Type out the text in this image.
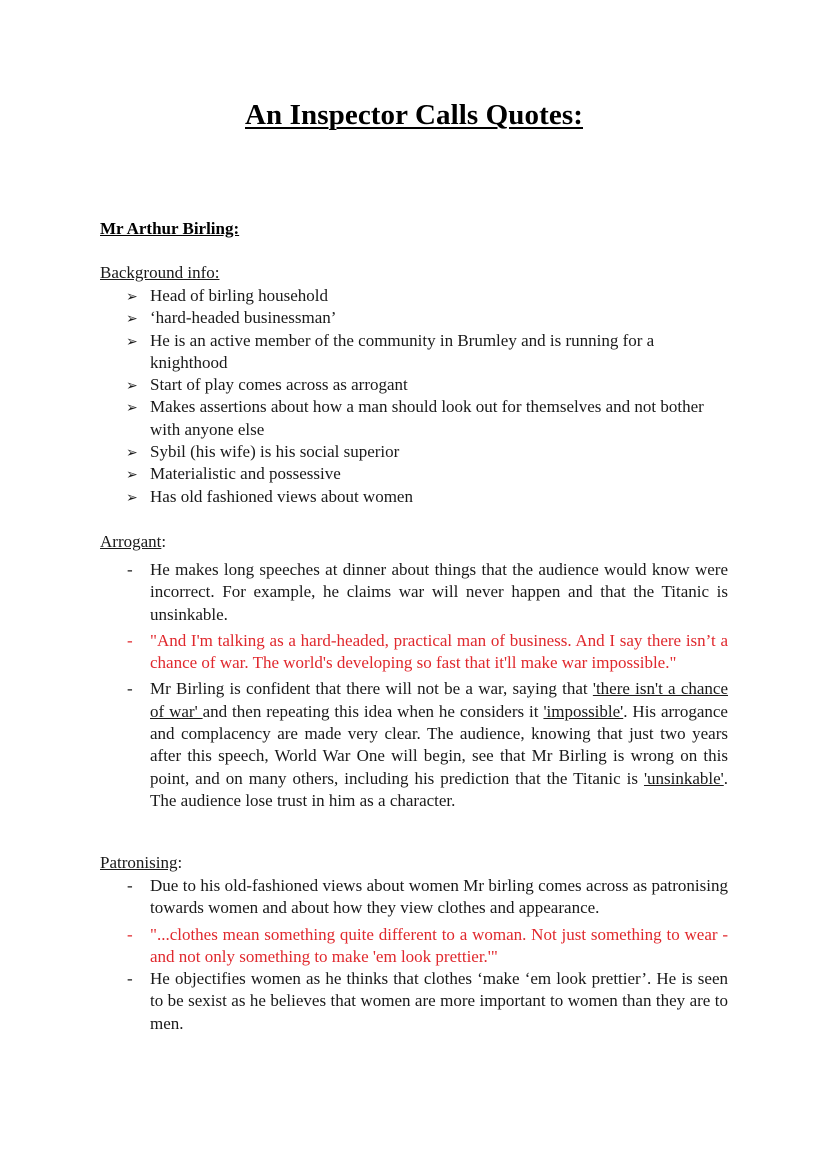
An Inspector Calls Quotes:
Mr Arthur Birling:
Background info:
➢ Head of birling household
➢ ‘hard-headed businessman’
➢ He is an active member of the community in Brumley and is running for a knighthood
➢ Start of play comes across as arrogant
➢ Makes assertions about how a man should look out for themselves and not bother with anyone else
➢ Sybil (his wife) is his social superior
➢ Materialistic and possessive
➢ Has old fashioned views about women
Arrogant:
-	He makes long speeches at dinner about things that the audience would know were incorrect. For example, he claims war will never happen and that the Titanic is unsinkable.
-	"And I'm talking as a hard-headed, practical man of business. And I say there isn’t a chance of war. The world's developing so fast that it'll make war impossible."
-	Mr Birling is confident that there will not be a war, saying that 'there isn't a chance of war' and then repeating this idea when he considers it 'impossible'. His arrogance and complacency are made very clear. The audience, knowing that just two years after this speech, World War One will begin, see that Mr Birling is wrong on this point, and on many others, including his prediction that the Titanic is 'unsinkable'. The audience lose trust in him as a character.
Patronising:
-	Due to his old-fashioned views about women Mr birling comes across as patronising towards women and about how they view clothes and appearance.
-	"...clothes mean something quite different to a woman. Not just something to wear - and not only something to make 'em look prettier.'"
-	He objectifies women as he thinks that clothes ‘make ‘em look prettier’. He is seen to be sexist as he believes that women are more important to women than they are to men.
